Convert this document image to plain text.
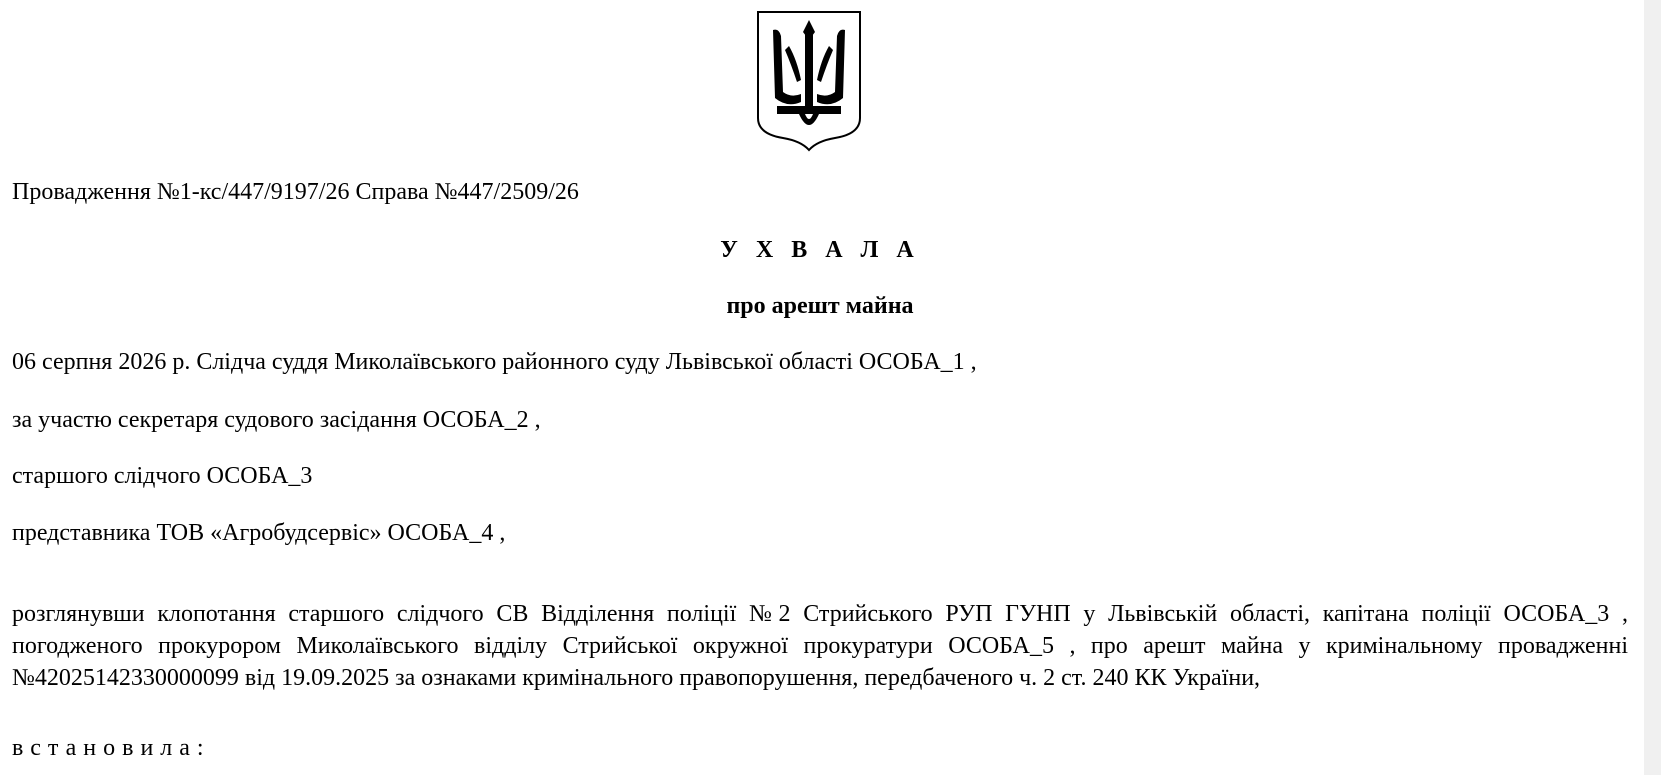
Провадження №1-кс/447/9197/26 Справа №447/2509/26
У Х В А Л А
про арешт майна
06 серпня 2026 р. Слідча суддя Миколаївського районного суду Львівської області ОСОБА_1 ,
за участю секретаря судового засідання ОСОБА_2 ,
старшого слідчого ОСОБА_3
представника ТОВ «Агробудсервіс» ОСОБА_4 ,
розглянувши клопотання старшого слідчого СВ Відділення поліції №2 Стрийського РУП ГУНП у Львівській області, капітана поліції ОСОБА_3 , погодженого прокурором Миколаївського відділу Стрийської окружної прокуратури ОСОБА_5 , про арешт майна у кримінальному провадженні №42025142330000099 від 19.09.2025 за ознаками кримінального правопорушення, передбаченого ч. 2 ст. 240 КК України,
встановила:
